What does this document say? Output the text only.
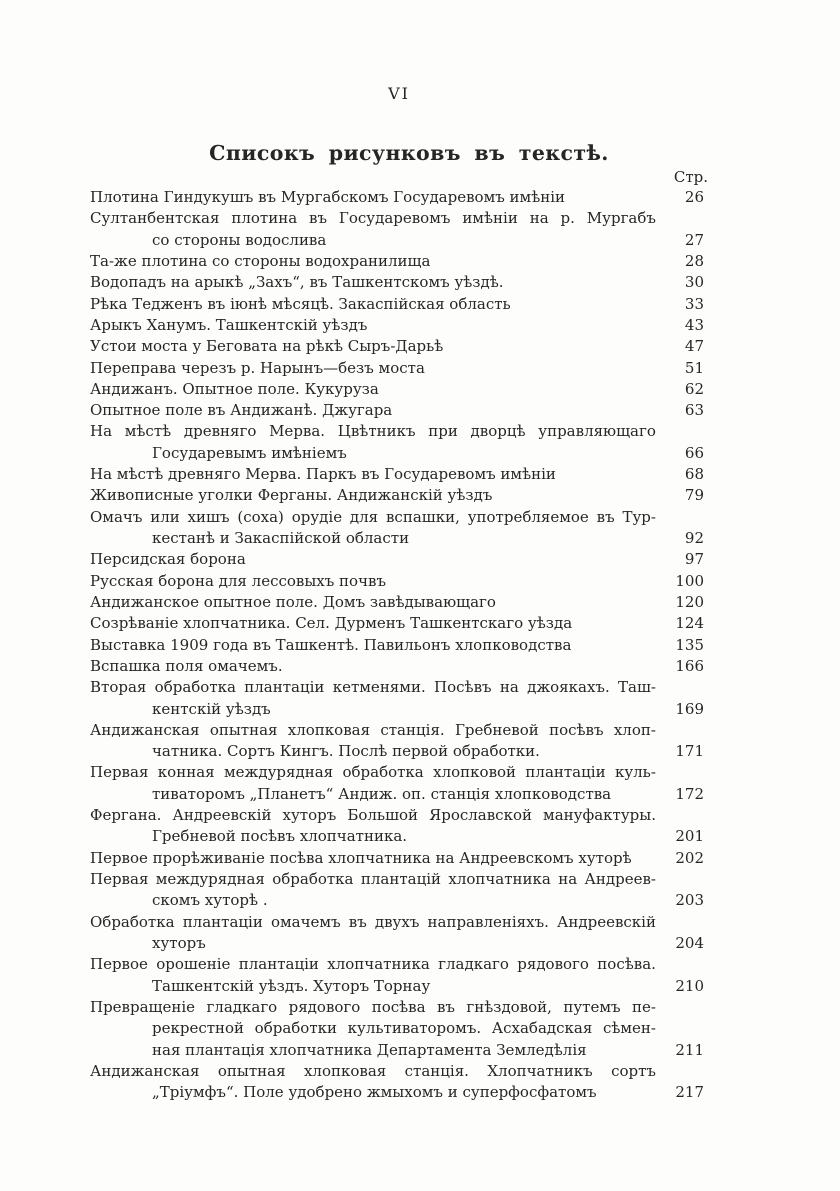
VI
Списокъ рисунковъ въ текстѣ.
Стр.
Плотина Гиндукушъ въ Мургабскомъ Государевомъ имѣніи	26
Султанбентская плотина въ Государевомъ имѣніи на р. Мургабъ
со стороны водослива	27
Та-же плотина со стороны водохранилища	28
Водопадъ на арыкѣ „Захъ“, въ Ташкентскомъ уѣздѣ.	30
Рѣка Тедженъ въ іюнѣ мѣсяцѣ. Закаспійская область	33
Арыкъ Ханумъ. Ташкентскій уѣздъ	43
Устои моста у Беговата на рѣкѣ Сыръ-Дарьѣ	47
Переправа черезъ р. Нарынъ—безъ моста	51
Андижанъ. Опытное поле. Кукуруза	62
Опытное поле въ Андижанѣ. Джугара	63
На мѣстѣ древняго Мерва. Цвѣтникъ при дворцѣ управляющаго
Государевымъ имѣніемъ	66
На мѣстѣ древняго Мерва. Паркъ въ Государевомъ имѣніи	68
Живописные уголки Ферганы. Андижанскій уѣздъ	79
Омачъ или хишъ (соха) орудіе для вспашки, употребляемое въ Тур-
кестанѣ и Закаспійской области	92
Персидская борона	97
Русская борона для лессовыхъ почвъ	100
Андижанское опытное поле. Домъ завѣдывающаго	120
Созрѣваніе хлопчатника. Сел. Дурменъ Ташкентскаго уѣзда	124
Выставка 1909 года въ Ташкентѣ. Павильонъ хлопководства	135
Вспашка поля омачемъ.	166
Вторая обработка плантаціи кетменями. Посѣвъ на джоякахъ. Таш-
кентскій уѣздъ	169
Андижанская опытная хлопковая станція. Гребневой посѣвъ хлоп-
чатника. Сортъ Кингъ. Послѣ первой обработки.	171
Первая конная междурядная обработка хлопковой плантаціи куль-
тиваторомъ „Планетъ“ Андиж. оп. станція хлопководства	172
Фергана. Андреевскій хуторъ Большой Ярославской мануфактуры.
Гребневой посѣвъ хлопчатника.	201
Первое прорѣживаніе посѣва хлопчатника на Андреевскомъ хуторѣ	202
Первая междурядная обработка плантацій хлопчатника на Андреев-
скомъ хуторѣ .	203
Обработка плантаціи омачемъ въ двухъ направленіяхъ. Андреевскій
хуторъ	204
Первое орошеніе плантаціи хлопчатника гладкаго рядового посѣва.
Ташкентскій уѣздъ. Хуторъ Торнау	210
Превращеніе гладкаго рядового посѣва въ гнѣздовой, путемъ пе-
рекрестной обработки культиваторомъ. Асхабадская сѣмен-
ная плантація хлопчатника Департамента Земледѣлія	211
Андижанская опытная хлопковая станція. Хлопчатникъ сортъ
„Тріумфъ“. Поле удобрено жмыхомъ и суперфосфатомъ	217
